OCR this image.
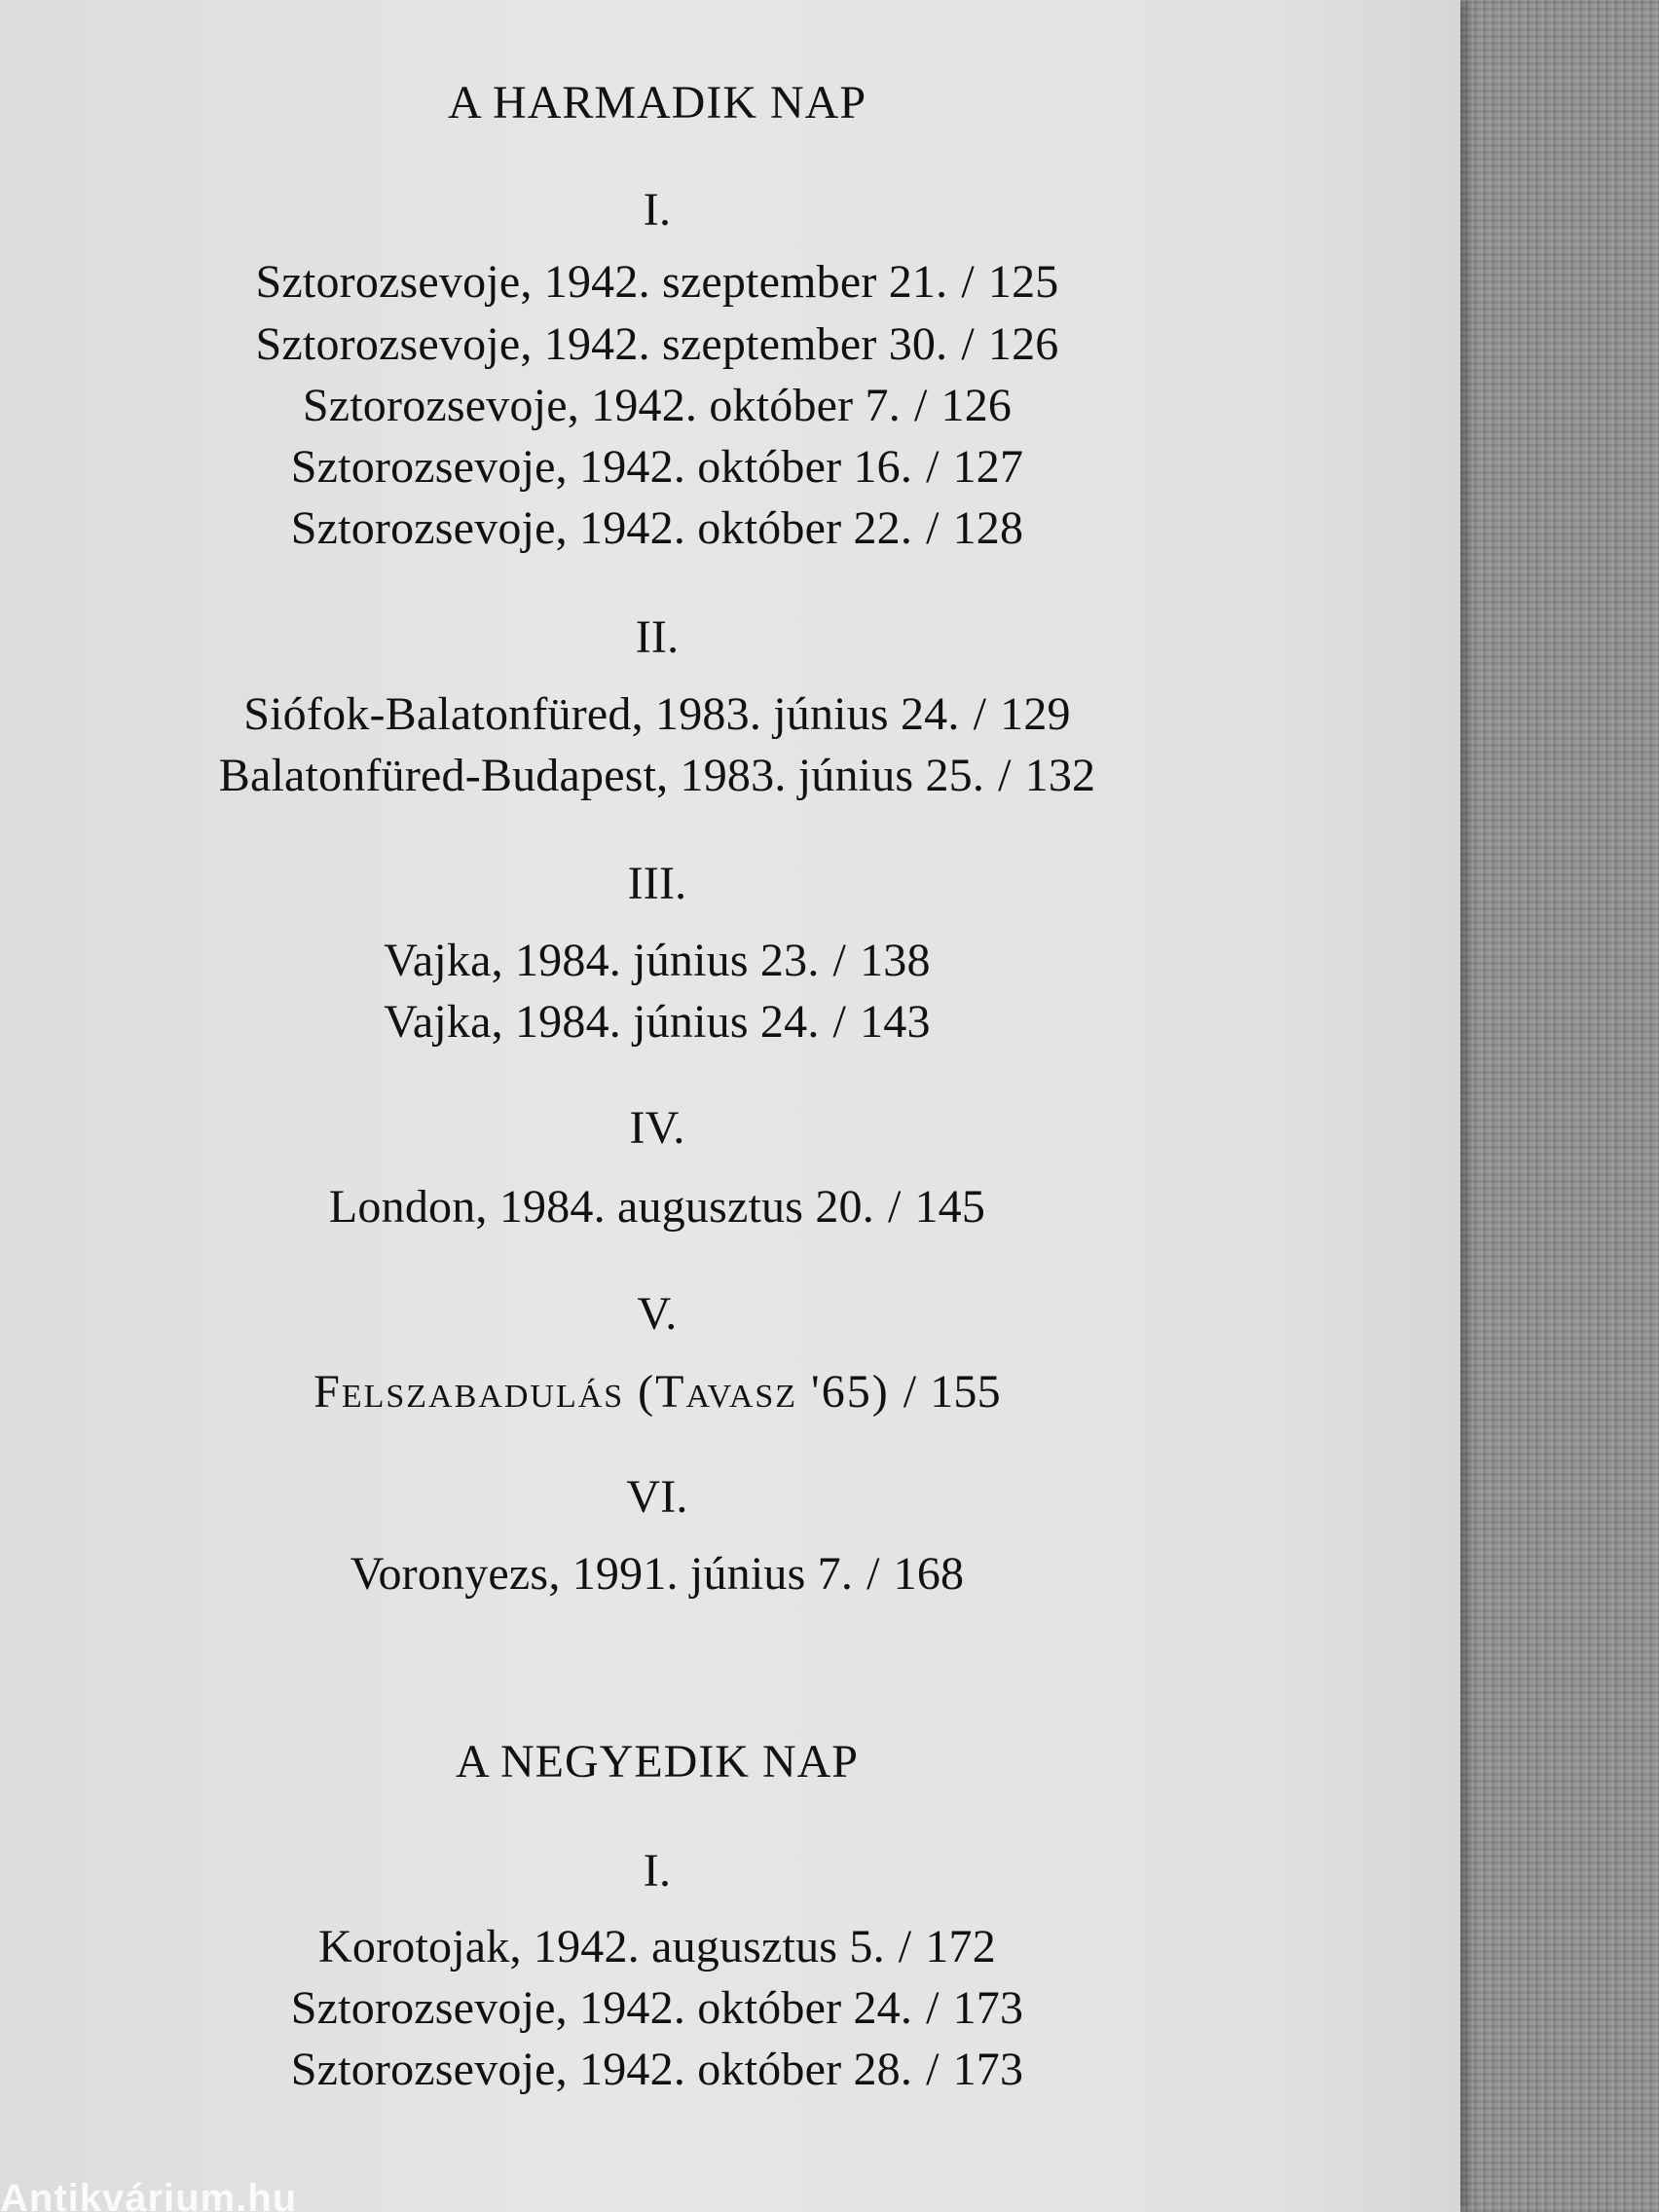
A HARMADIK NAP
I.
Sztorozsevoje, 1942. szeptember 21. / 125
Sztorozsevoje, 1942. szeptember 30. / 126
Sztorozsevoje, 1942. október 7. / 126
Sztorozsevoje, 1942. október 16. / 127
Sztorozsevoje, 1942. október 22. / 128
II.
Siófok-Balatonfüred, 1983. június 24. / 129
Balatonfüred-Budapest, 1983. június 25. / 132
III.
Vajka, 1984. június 23. / 138
Vajka, 1984. június 24. / 143
IV.
London, 1984. augusztus 20. / 145
V.
Felszabadulás (Tavasz '65) / 155
VI.
Voronyezs, 1991. június 7. / 168
A NEGYEDIK NAP
I.
Korotojak, 1942. augusztus 5. / 172
Sztorozsevoje, 1942. október 24. / 173
Sztorozsevoje, 1942. október 28. / 173
Antikvárium.hu
